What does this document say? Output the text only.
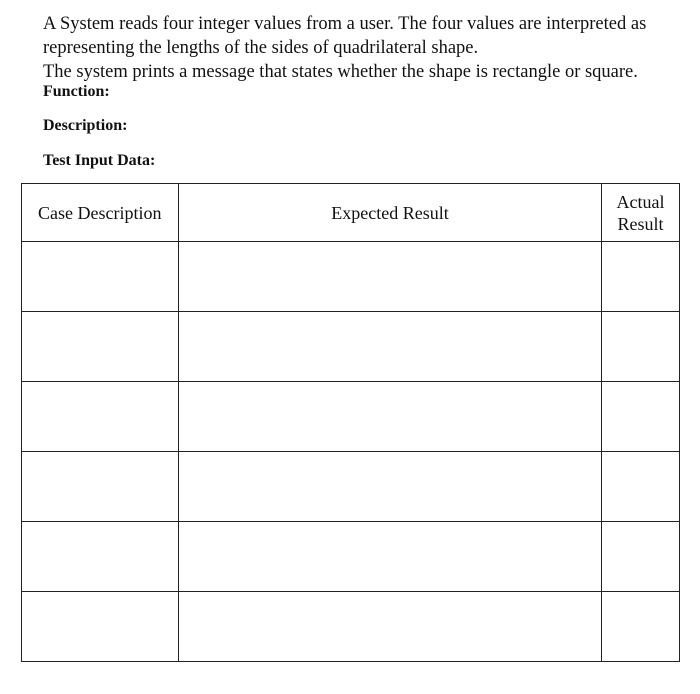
A System reads four integer values from a user. The four values are interpreted as representing the lengths of the sides of quadrilateral shape.

The system prints a message that states whether the shape is rectangle or square.

Function:
Description:
Test Input Data:
Case Description	Expected Result	Actual Result
